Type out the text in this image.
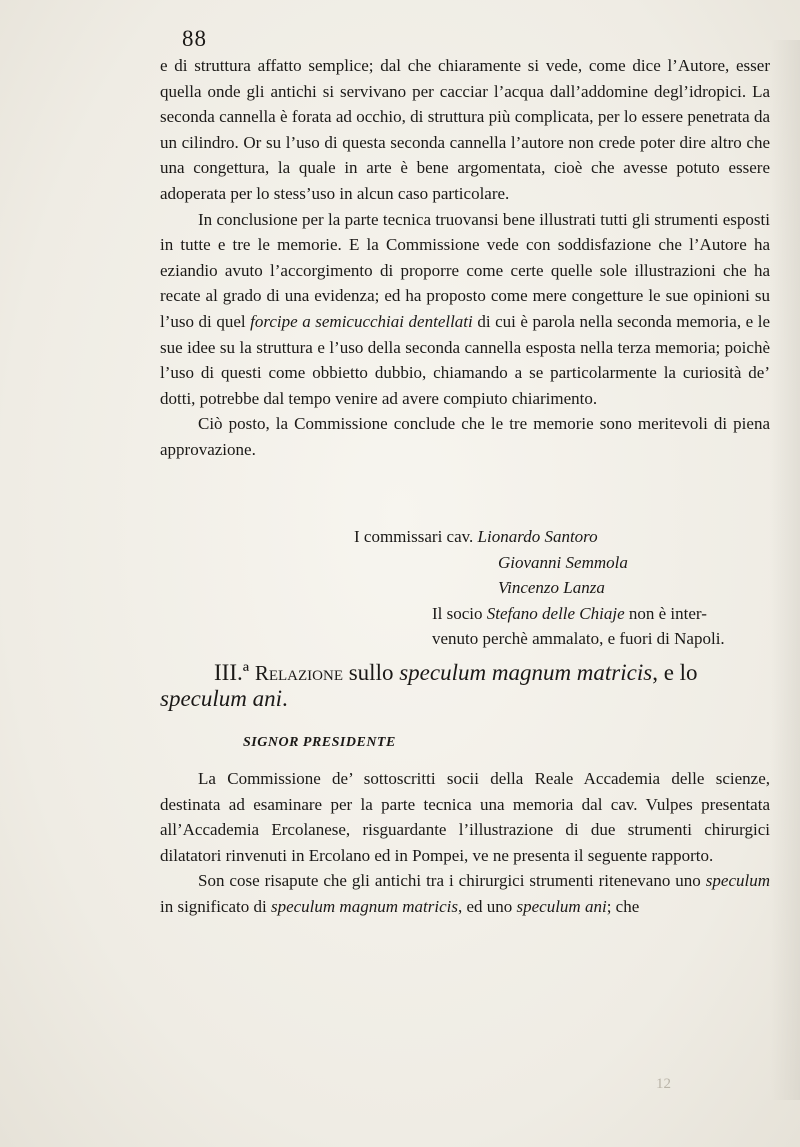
88

e di struttura affatto semplice; dal che chiaramente si vede, come dice l’Autore, esser quella onde gli antichi si servivano per cacciar l’acqua dall’addomine degl’idropici. La seconda cannella è forata ad occhio, di struttura più complicata, per lo essere penetrata da un cilindro. Or su l’uso di questa seconda cannella l’autore non crede poter dire altro che una congettura, la quale in arte è bene argomentata, cioè che avesse potuto essere adoperata per lo stess’uso in alcun caso particolare.

In conclusione per la parte tecnica truovansi bene illustrati tutti gli strumenti esposti in tutte e tre le memorie. E la Commissione vede con soddisfazione che l’Autore ha eziandio avuto l’accorgimento di proporre come certe quelle sole illustrazioni che ha recate al grado di una evidenza; ed ha proposto come mere congetture le sue opinioni su l’uso di quel forcipe a semicucchiai dentellati di cui è parola nella seconda memoria, e le sue idee su la struttura e l’uso della seconda cannella esposta nella terza memoria; poichè l’uso di questi come obbietto dubbio, chiamando a se particolarmente la curiosità de’ dotti, potrebbe dal tempo venire ad avere compiuto chiarimento.

Ciò posto, la Commissione conclude che le tre memorie sono meritevoli di piena approvazione.

I commissari cav. Lionardo Santoro
Giovanni Semmola
Vincenzo Lanza
Il socio Stefano delle Chiaje non è inter-
venuto perchè ammalato, e fuori di Napoli.
III.ª Relazione sullo speculum magnum matricis, e lo speculum ani.
SIGNOR PRESIDENTE

La Commissione de’ sottoscritti socii della Reale Accademia delle scienze, destinata ad esaminare per la parte tecnica una memoria dal cav. Vulpes presentata all’Accademia Ercolanese, risguardante l’illustrazione di due strumenti chirurgici dilatatori rinvenuti in Ercolano ed in Pompei, ve ne presenta il seguente rapporto.

Son cose risapute che gli antichi tra i chirurgici strumenti ritenevano uno speculum in significato di speculum magnum matricis, ed uno speculum ani; che

12
